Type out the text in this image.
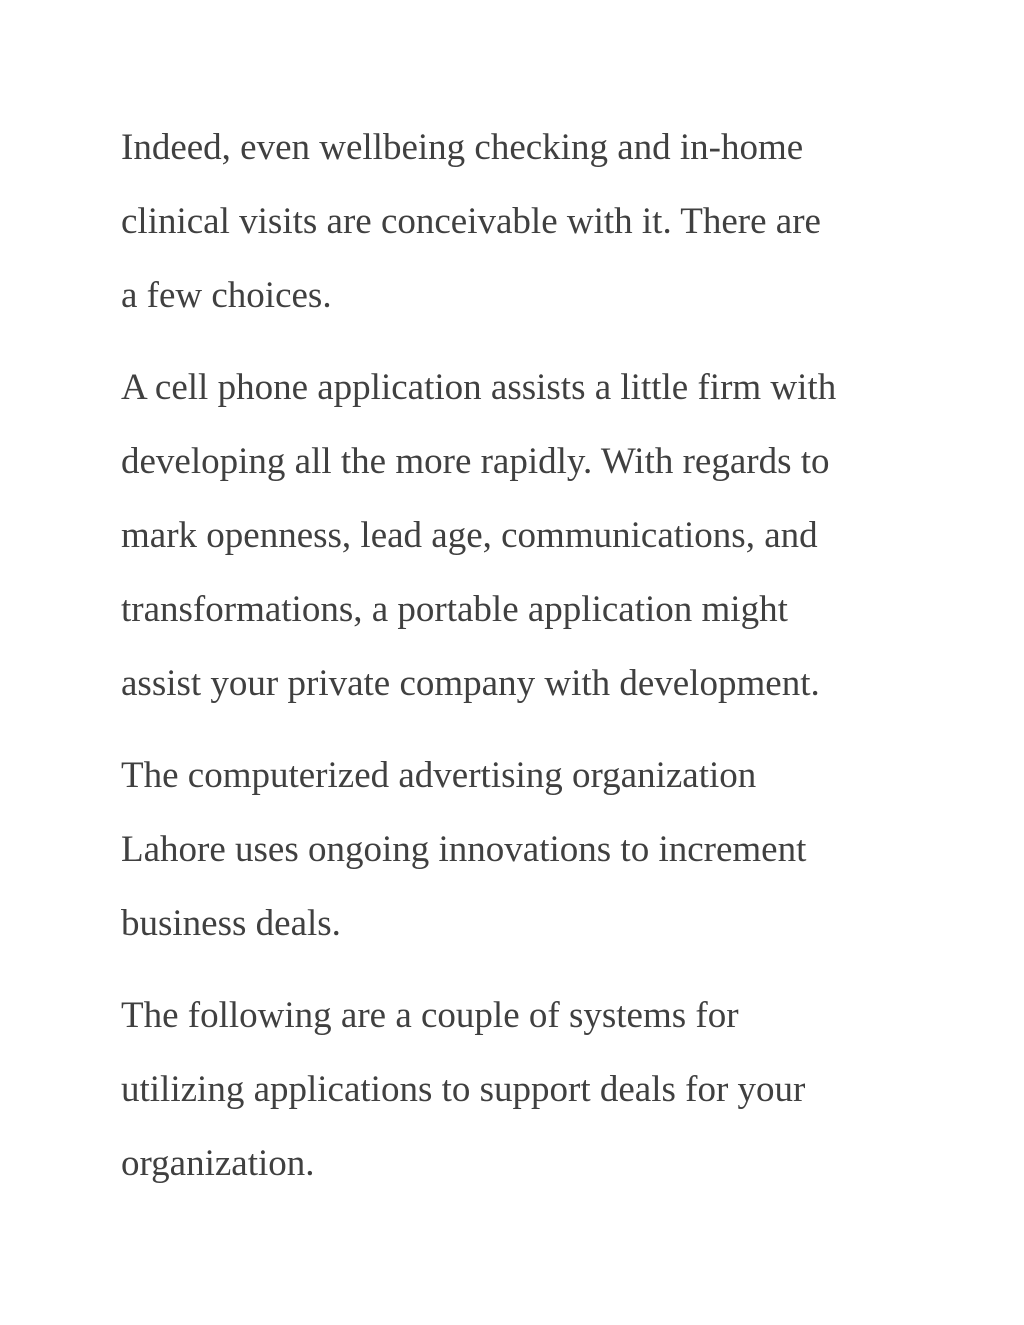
Indeed, even wellbeing checking and in-home
clinical visits are conceivable with it. There are
a few choices.

A cell phone application assists a little firm with
developing all the more rapidly. With regards to
mark openness, lead age, communications, and
transformations, a portable application might
assist your private company with development.

The computerized advertising organization
Lahore uses ongoing innovations to increment
business deals.

The following are a couple of systems for
utilizing applications to support deals for your
organization.
